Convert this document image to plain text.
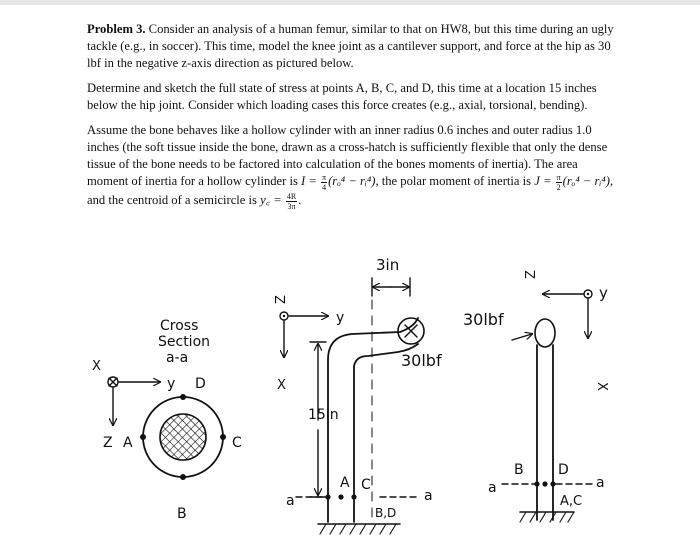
Problem 3. Consider an analysis of a human femur, similar to that on HW8, but this time during an ugly tackle (e.g., in soccer). This time, model the knee joint as a cantilever support, and force at the hip as 30 lbf in the negative z-axis direction as pictured below.

Determine and sketch the full state of stress at points A, B, C, and D, this time at a location 15 inches below the hip joint. Consider which loading cases this force creates (e.g., axial, torsional, bending).

Assume the bone behaves like a hollow cylinder with an inner radius 0.6 inches and outer radius 1.0 inches (the soft tissue inside the bone, drawn as a cross-hatch is sufficiently flexible that only the dense tissue of the bone needs to be factored into calculation of the bones moments of inertia). The area moment of inertia for a hollow cylinder is $I = \frac{\pi}{4} (r_o^4$ − rᵢ⁴), the polar moment of inertia is $J = \frac{\pi}{2} (r_o^4$ − rᵢ⁴), and the centroid of a semicircle is y꜀ = $\frac{4R}{3\pi}$ .

Cross
Section
a-a
X
y
Z A	C
B
D
Z
y
X
3in
30lbf
15in
a	a
A C
B,D
y
Z
X
30lbf
a	a
B D
A,C
